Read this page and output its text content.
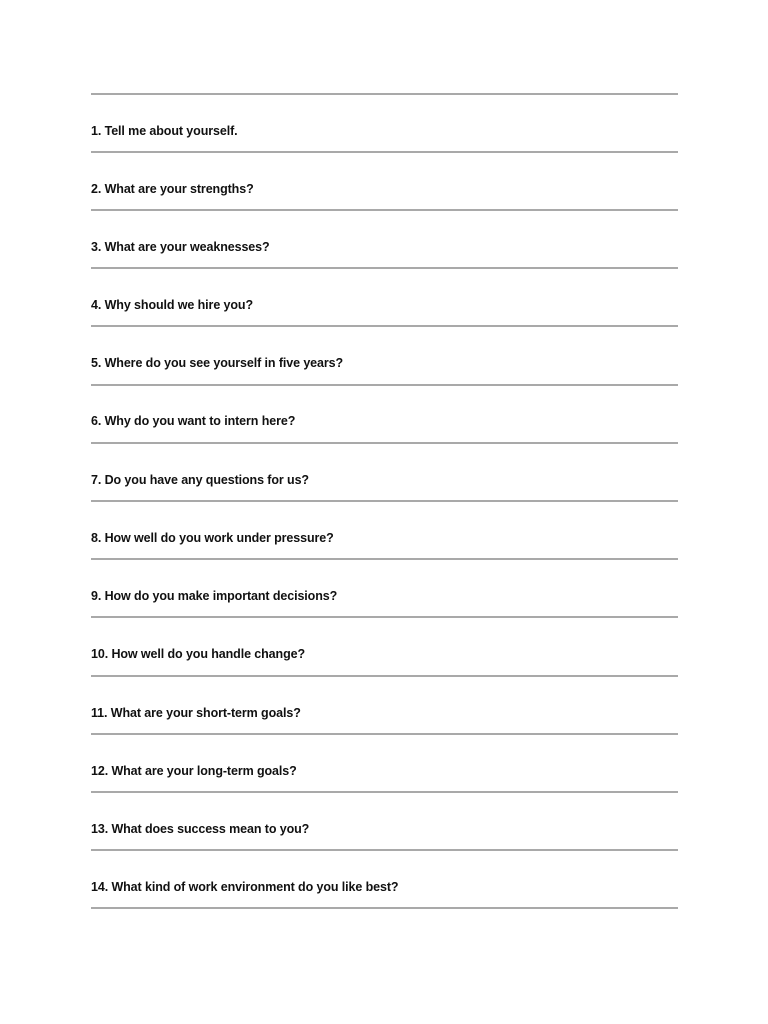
1. Tell me about yourself.
2. What are your strengths?
3. What are your weaknesses?
4. Why should we hire you?
5. Where do you see yourself in five years?
6. Why do you want to intern here?
7. Do you have any questions for us?
8. How well do you work under pressure?
9. How do you make important decisions?
10. How well do you handle change?
11. What are your short-term goals?
12. What are your long-term goals?
13. What does success mean to you?
14. What kind of work environment do you like best?
